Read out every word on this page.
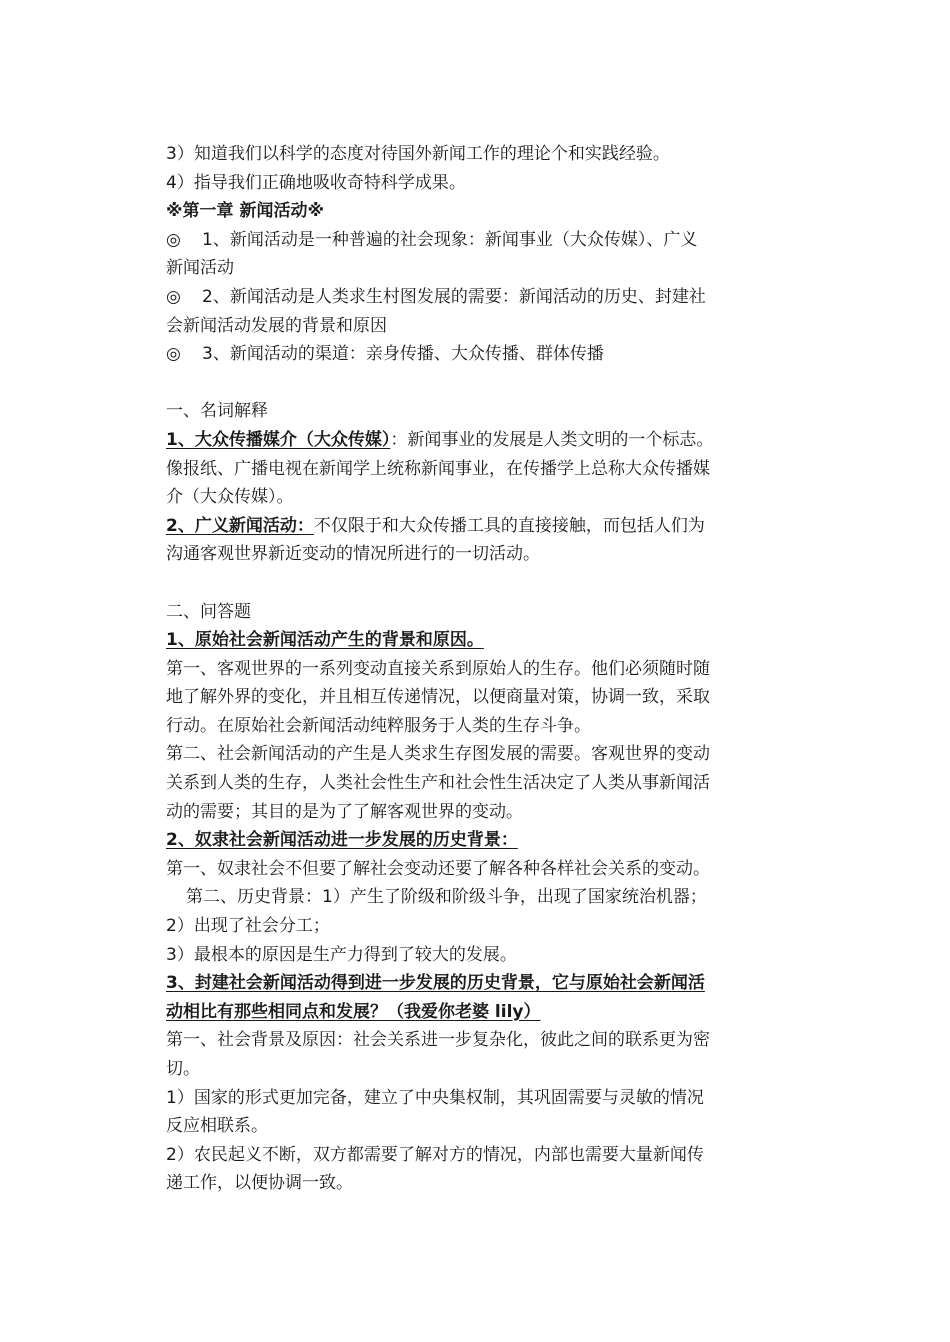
3）知道我们以科学的态度对待国外新闻工作的理论个和实践经验。
4）指导我们正确地吸收奇特科学成果。
※第一章 新闻活动※
◎ 1、新闻活动是一种普遍的社会现象：新闻事业（大众传媒）、广义
新闻活动
◎ 2、新闻活动是人类求生村图发展的需要：新闻活动的历史、封建社
会新闻活动发展的背景和原因
◎ 3、新闻活动的渠道：亲身传播、大众传播、群体传播
一、名词解释
1、大众传播媒介（大众传媒）：新闻事业的发展是人类文明的一个标志。
像报纸、广播电视在新闻学上统称新闻事业，在传播学上总称大众传播媒
介（大众传媒）。
2、广义新闻活动：不仅限于和大众传播工具的直接接触，而包括人们为
沟通客观世界新近变动的情况所进行的一切活动。
二、问答题
1、原始社会新闻活动产生的背景和原因。
第一、客观世界的一系列变动直接关系到原始人的生存。他们必须随时随
地了解外界的变化，并且相互传递情况，以便商量对策，协调一致，采取
行动。在原始社会新闻活动纯粹服务于人类的生存斗争。
第二、社会新闻活动的产生是人类求生存图发展的需要。客观世界的变动
关系到人类的生存，人类社会性生产和社会性生活决定了人类从事新闻活
动的需要；其目的是为了了解客观世界的变动。
2、奴隶社会新闻活动进一步发展的历史背景：
第一、奴隶社会不但要了解社会变动还要了解各种各样社会关系的变动。
第二、历史背景：1）产生了阶级和阶级斗争，出现了国家统治机器；
2）出现了社会分工；
3）最根本的原因是生产力得到了较大的发展。
3、封建社会新闻活动得到进一步发展的历史背景，它与原始社会新闻活
动相比有那些相同点和发展？（我爱你老婆 lily）
第一、社会背景及原因：社会关系进一步复杂化，彼此之间的联系更为密
切。
1）国家的形式更加完备，建立了中央集权制，其巩固需要与灵敏的情况
反应相联系。
2）农民起义不断，双方都需要了解对方的情况，内部也需要大量新闻传
递工作，以便协调一致。
